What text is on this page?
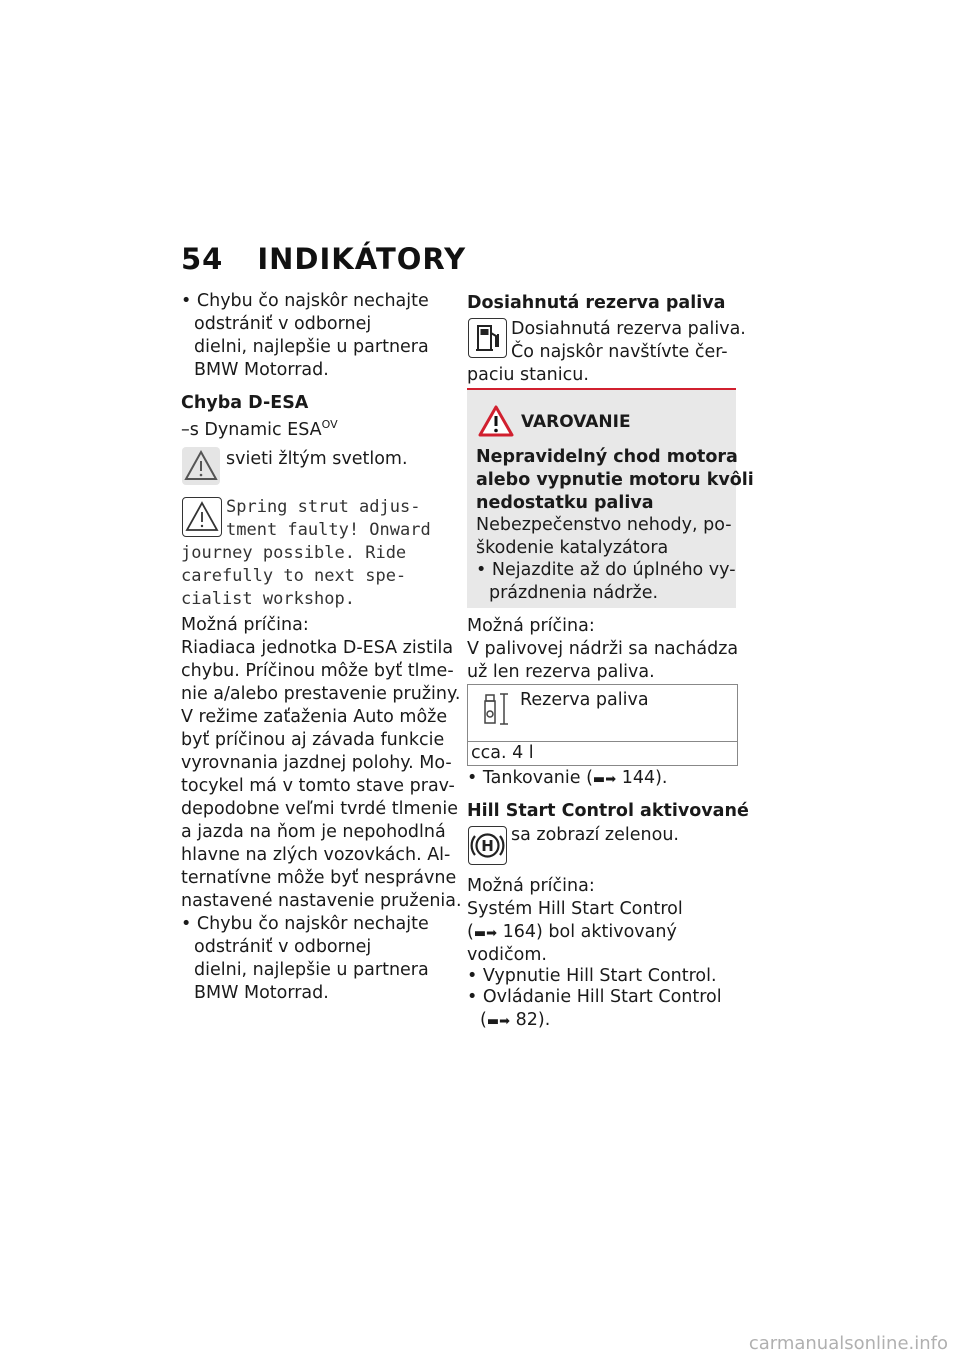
54 INDIKÁTORY
• Chybu čo najskôr nechajte
odstrániť v odbornej
dielni, najlepšie u partnera
BMW Motorrad.
Chyba D-ESA
–s Dynamic $ESA^{OV}$
svieti žltým svetlom.
Spring strut adjus-
tment faulty! Onward
journey possible. Ride
carefully to next spe-
cialist workshop.
Možná príčina:
Riadiaca jednotka D-ESA zistila
chybu. Príčinou môže byť tlme-
nie a/alebo prestavenie pružiny.
V režime zaťaženia Auto môže
byť príčinou aj závada funkcie
vyrovnania jazdnej polohy. Mo-
tocykel má v tomto stave prav-
depodobne veľmi tvrdé tlmenie
a jazda na ňom je nepohodlná
hlavne na zlých vozovkách. Al-
ternatívne môže byť nesprávne
nastavené nastavenie pruženia.
• Chybu čo najskôr nechajte
odstrániť v odbornej
dielni, najlepšie u partnera
BMW Motorrad.
Dosiahnutá rezerva paliva
Dosiahnutá rezerva paliva.
Čo najskôr navštívte čer-
paciu stanicu.
VAROVANIE
Nepravidelný chod motora
alebo vypnutie motoru kvôli
nedostatku paliva
Nebezpečenstvo nehody, po-
škodenie katalyzátora
• Nejazdite až do úplného vy-
prázdnenia nádrže.
Možná príčina:
V palivovej nádrži sa nachádza
už len rezerva paliva.
Rezerva paliva
cca. 4 l
• Tankovanie (▬➡ 144).
Hill Start Control aktivované
H
sa zobrazí zelenou.
Možná príčina:
Systém Hill Start Control
(▬➡ 164) bol aktivovaný
vodičom.
• Vypnutie Hill Start Control.
• Ovládanie Hill Start Control
(▬➡ 82).
carmanualsonline.info
